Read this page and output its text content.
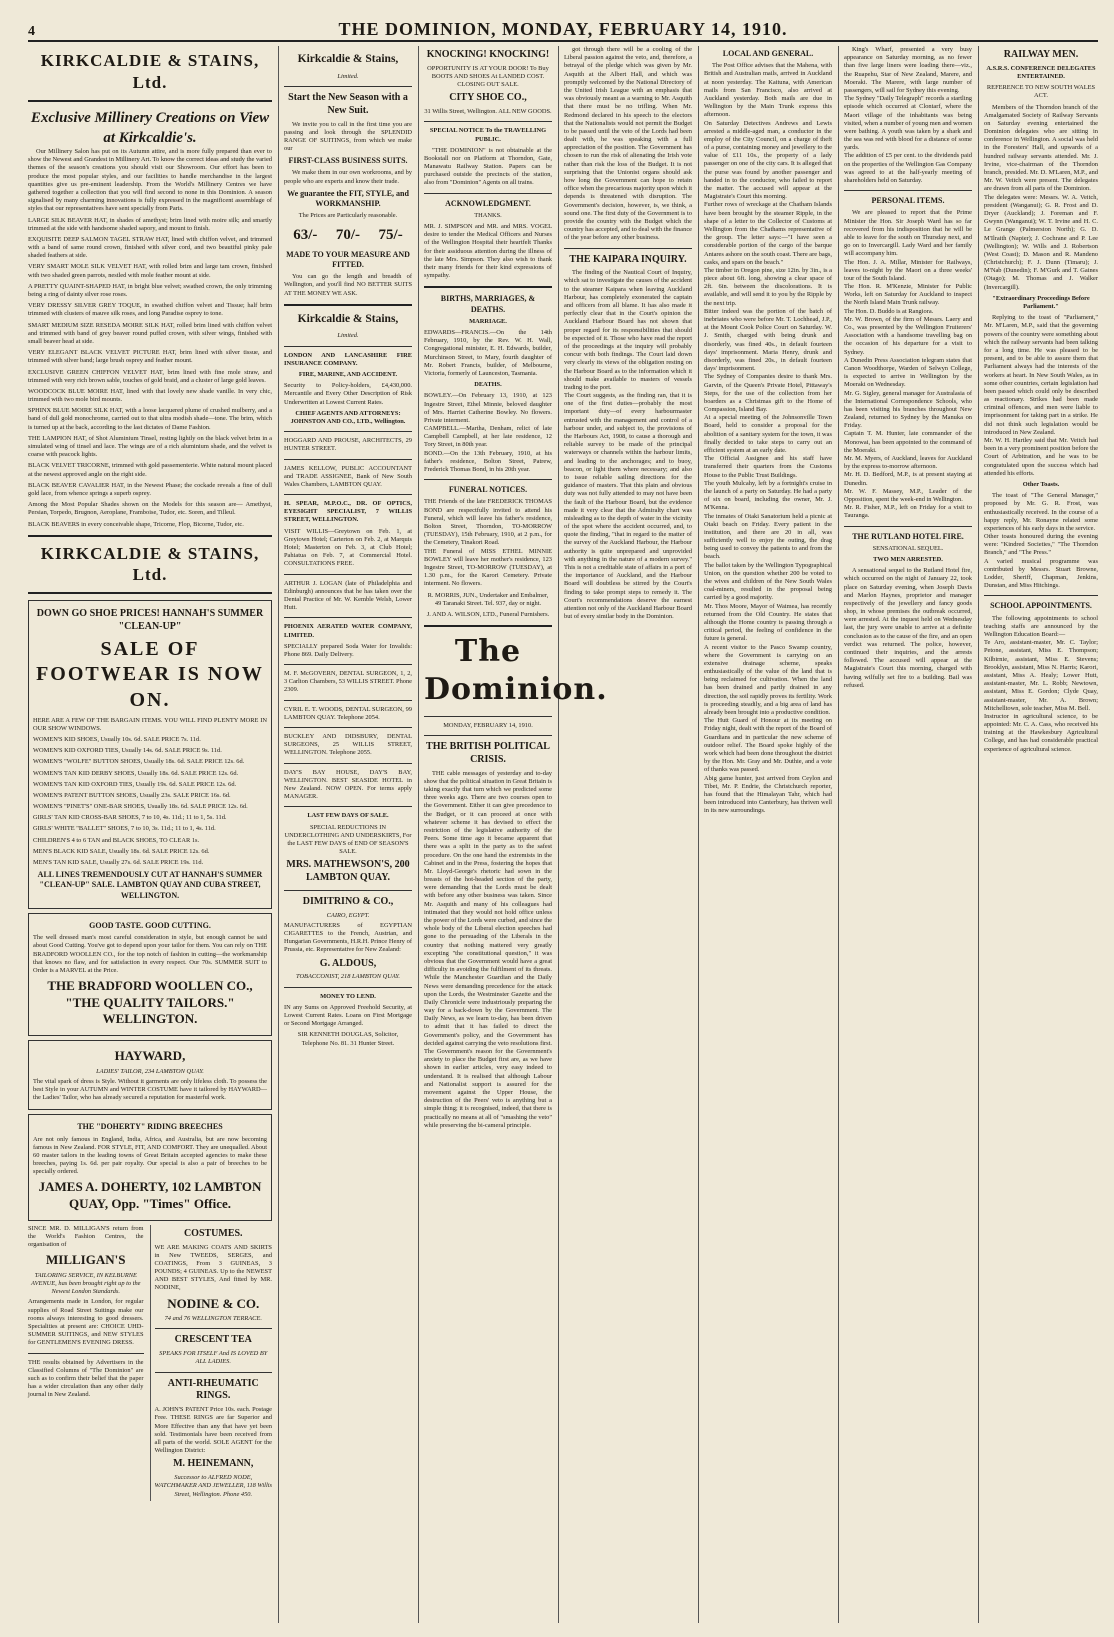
4	THE DOMINION, MONDAY, FEBRUARY 14, 1910.
KIRKCALDIE & STAINS, Ltd.
Exclusive Millinery Creations on View at Kirkcaldie's.

Our Millinery Salon has put on its Autumn attire, and is more fully prepared than ever to show the Newest and Grandest in Millinery Art. To know the correct ideas and study the varied themes of the season's creations you should visit our Showroom. Our effort has been to produce the most popular styles, and our facilities to handle merchandise in the largest quantities give us pre-eminent leadership. From the World's Millinery Centres we have gathered together a collection that you will find second to none in this Dominion. A season signalised by many charming innovations is fully expressed in the magnificent assemblage of styles that our representatives have sent specially from Paris.

LARGE SILK BEAVER HAT, in shades of amethyst; brim lined with moire silk; and smartly trimmed at the side with handsome shaded sapory, and mount to finish.

EXQUISITE DEEP SALMON TAGEL STRAW HAT, lined with chiffon velvet, and trimmed with a band of same round crown, finished with silver cord, and two beautiful pinky pale shaded feathers at side.

VERY SMART MOLE SILK VELVET HAT, with rolled brim and large tam crown, finished with two shaded green parrots, nestled with mole feather mount at side.

A PRETTY QUAINT-SHAPED HAT, in bright blue velvet; swathed crown, the only trimming being a ring of dainty silver rose roses.

VERY DRESSY SILVER GREY TOQUE, in swathed chiffon velvet and Tissue; half brim trimmed with clusters of mauve silk roses, and long Paradise osprey to tone.

SMART MEDIUM SIZE RESEDA MOIRE SILK HAT, rolled brim lined with chiffon velvet and trimmed with band of grey beaver round puffed crown, with silver wings, finished with small beaver head at side.

VERY ELEGANT BLACK VELVET PICTURE HAT, brim lined with silver tissue, and trimmed with silver band; large brush osprey and feather mount.

EXCLUSIVE GREEN CHIFFON VELVET HAT, brim lined with fine mole straw, and trimmed with very rich brown sable, touches of gold braid, and a cluster of large gold leaves.

WOODCOCK BLUE MOIRE HAT, lined with that lovely new shade vanille. In very chic, trimmed with two mole bird mounts.

SPHINX BLUE MOIRE SILK HAT, with a loose lacquered plume of crushed mulberry, and a band of dull gold monochrome, carried out to that ultra modish shade—tone. The brim, which is turned up at the back, according to the last dictates of Dame Fashion.

THE LAMPION HAT, of Shot Aluminium Tinsel, resting lightly on the black velvet brim in a simulated wing of tinsel and lace. The wings are of a rich aluminium shade, and the velvet is coarse with peacock lights.

BLACK VELVET TRICORNE, trimmed with gold passementerie. White natural mount placed at the newest approved angle on the right side.

BLACK BEAVER CAVALIER HAT, in the Newest Phase; the cockade reveals a fine of dull gold lace, from whence springs a superb osprey.

Among the Most Popular Shades shown on the Models for this season are— Amethyst, Persian, Torpedo, Brugnon, Aeroplane, Framboise, Tudor, etc. Soren, and Tilleul.

BLACK BEAVERS in every conceivable shape, Tricorne, Flop, Bicorne, Tudor, etc.

KIRKCALDIE & STAINS, Ltd.
DOWN GO SHOE PRICES! HANNAH'S SUMMER "CLEAN-UP"
SALE OF FOOTWEAR IS NOW ON.

HERE ARE A FEW OF THE BARGAIN ITEMS. YOU WILL FIND PLENTY MORE IN OUR SHOW WINDOWS.

WOMEN'S KID SHOES, Usually 10s. 6d. SALE PRICE 7s. 11d.

WOMEN'S KID OXFORD TIES, Usually 14s. 6d. SALE PRICE 9s. 11d.

WOMEN'S "WOLFE" BUTTON SHOES, Usually 18s. 6d. SALE PRICE 12s. 6d.

WOMEN'S TAN KID DERBY SHOES, Usually 18s. 6d. SALE PRICE 12s. 6d.

WOMEN'S TAN KID OXFORD TIES, Usually 19s. 6d. SALE PRICE 12s. 6d.

WOMEN'S PATENT BUTTON SHOES, Usually 23s. SALE PRICE 16s. 6d.

WOMEN'S "PINET'S" ONE-BAR SHOES, Usually 18s. 6d. SALE PRICE 12s. 6d.

GIRLS' TAN KID CROSS-BAR SHOES, 7 to 10, 4s. 11d.; 11 to 1, 5s. 11d.

GIRLS' WHITE "BALLET" SHOES, 7 to 10, 3s. 11d.; 11 to 1, 4s. 11d.

CHILDREN'S 4 to 6 TAN and BLACK SHOES, TO CLEAR 1s.

MEN'S BLACK KID SALE, Usually 18s. 6d. SALE PRICE 12s. 6d.

MEN'S TAN KID SALE, Usually 27s. 6d. SALE PRICE 19s. 11d.

ALL LINES TREMENDOUSLY CUT AT HANNAH'S SUMMER "CLEAN-UP" SALE. LAMBTON QUAY AND CUBA STREET, WELLINGTON.
GOOD TASTE. GOOD CUTTING.

The well dressed man's most careful consideration in style, but enough cannot be said about Good Cutting. You've got to depend upon your tailor for them. You can rely on THE BRADFORD WOOLLEN CO., for the top notch of fashion in cutting—the workmanship that knows no flaw, and for satisfaction in every respect. Our 70s. SUMMER SUIT to Order is a MARVEL at the Price.

THE BRADFORD WOOLLEN CO., "THE QUALITY TAILORS." WELLINGTON.
HAYWARD,
LADIES' TAILOR, 234 LAMBTON QUAY.

The vital spark of dress is Style. Without it garments are only lifeless cloth. To possess the best Style in your AUTUMN and WINTER COSTUME have it tailored by HAYWARD—the Ladies' Tailor, who has already secured a reputation for masterful work.

THE "DOHERTY" RIDING BREECHES

Are not only famous in England, India, Africa, and Australia, but are now becoming famous in New Zealand. FOR STYLE, FIT, AND COMFORT. They are unequalled. About 60 master tailors in the leading towns of Great Britain accepted agencies to make these breeches, paying 1s. 6d. per pair royalty. Our special is also a pair of breeches to be specially ordered.

JAMES A. DOHERTY, 102 LAMBTON QUAY, Opp. "Times" Office.

SINCE MR. D. MILLIGAN'S return from the World's Fashion Centres, the organisation of

MILLIGAN'S
TAILORING SERVICE, IN KELBURNE AVENUE, has been brought right up to the Newest London Standards.

Arrangements made in London, for regular supplies of Road Street Suitings make our rooms always interesting to good dressers. Specialities at present are: CHOICE UHD-SUMMER SUITINGS, and NEW STYLES for GENTLEMEN'S EVENING DRESS.

THE results obtained by Advertisers in the Classified Columns of "The Dominion" are such as to confirm their belief that the paper has a wider circulation than any other daily journal in New Zealand.

COSTUMES.

WE ARE MAKING COATS AND SKIRTS in New TWEEDS, SERGES, and COATINGS, From 3 GUINEAS, 3 POUNDS; 4 GUINEAS. Up to the NEWEST AND BEST STYLES, And fitted by MR. NODINE,

NODINE & CO.
74 and 76 WELLINGTON TERRACE.
CRESCENT TEA
SPEAKS FOR ITSELF And IS LOVED BY ALL LADIES.
ANTI-RHEUMATIC RINGS.

A. JOHN'S PATENT Price 10s. each. Postage Free. THESE RINGS are far Superior and More Effective than any that have yet been sold. Testimonials have been received from all parts of the world. SOLE AGENT for the Wellington District:

M. HEINEMANN,
Successor to ALFRED NODE, WATCHMAKER AND JEWELLER, 118 Willis Street, Wellington. Phone 450.
Kirkcaldie & Stains,
Limited.
Start the New Season with a New Suit.

We invite you to call in the first time you are passing and look through the SPLENDID RANGE OF SUITINGS, from which we make our

FIRST-CLASS BUSINESS SUITS.

We make them in our own workrooms, and by people who are experts and know their trade.

We guarantee the FIT, STYLE, and WORKMANSHIP.

The Prices are Particularly reasonable.

63/- 70/- 75/-
MADE TO YOUR MEASURE AND FITTED.

You can go the length and breadth of Wellington, and you'll find NO BETTER SUITS AT THE MONEY WE ASK.

Kirkcaldie & Stains,
Limited.

LONDON AND LANCASHIRE FIRE INSURANCE COMPANY.

FIRE, MARINE, AND ACCIDENT.

Security to Policy-holders, £4,430,000. Mercantile and Every Other Description of Risk Underwritten at Lowest Current Rates.

CHIEF AGENTS AND ATTORNEYS: JOHNSTON AND CO., LTD., Wellington.

HOGGARD AND PROUSE, ARCHITECTS, 29 HUNTER STREET.

JAMES KELLOW, PUBLIC ACCOUNTANT and TRADE ASSIGNEE, Bank of New South Wales Chambers, LAMBTON QUAY.

H. SPEAR, M.P.O.C., DR. OF OPTICS, EYESIGHT SPECIALIST, 7 WILLIS STREET, WELLINGTON.

VISIT WILLIS—Greytown on Feb. 1, at Greytown Hotel; Carterton on Feb. 2, at Marquis Hotel; Masterton on Feb. 3, at Club Hotel; Pahiatua on Feb. 7, at Commercial Hotel. CONSULTATIONS FREE.

ARTHUR J. LOGAN (late of Philadelphia and Edinburgh) announces that he has taken over the Dental Practice of Mr. W. Kemble Welsh, Lower Hutt.

PHOENIX AERATED WATER COMPANY, LIMITED.

SPECIALLY prepared Soda Water for Invalids: Phone 869. Daily Delivery.

M. F. McGOVERN, DENTAL SURGEON, 1, 2, 3 Carlton Chambers, 53 WILLIS STREET. Phone 2309.

CYRIL E. T. WOODS, DENTAL SURGEON, 99 LAMBTON QUAY. Telephone 2054.

BUCKLEY AND DIDSBURY, DENTAL SURGEONS, 25 WILLIS STREET, WELLINGTON. Telephone 2055.

DAY'S BAY HOUSE, DAY'S BAY, WELLINGTON. BEST SEASIDE HOTEL in New Zealand. NOW OPEN. For terms apply MANAGER.

LAST FEW DAYS OF SALE.

SPECIAL REDUCTIONS IN UNDERCLOTHING AND UNDERSKIRTS, For the LAST FEW DAYS of END OF SEASON'S SALE.

MRS. MATHEWSON'S, 200 LAMBTON QUAY.
DIMITRINO & CO.,
CAIRO, EGYPT.

MANUFACTURERS of EGYPTIAN CIGARETTES to the French, Austrian, and Hungarian Governments, H.R.H. Prince Henry of Prussia, etc. Representative for New Zealand:

G. ALDOUS,
TOBACCONIST, 218 LAMBTON QUAY.

MONEY TO LEND.

IN any Sums on Approved Freehold Security, at Lowest Current Rates. Loans on First Mortgage or Second Mortgage Arranged.

SIR KENNETH DOUGLAS, Solicitor, Telephone No. 81. 31 Hunter Street.

KNOCKING! KNOCKING!

OPPORTUNITY IS AT YOUR DOOR! To Buy BOOTS AND SHOES At LANDED COST. CLOSING OUT SALE.

CITY SHOE CO.,

31 Willis Street, Wellington. ALL NEW GOODS.

SPECIAL NOTICE To the TRAVELLING PUBLIC.

"THE DOMINION" is not obtainable at the Bookstall nor on Platform at Thorndon, Gate, Manawatu Railway Station. Papers can be purchased outside the precincts of the station, also from "Dominion" Agents on all trains.

ACKNOWLEDGMENT.

THANKS.

MR. J. SIMPSON and MR. and MRS. VOGEL desire to tender the Medical Officers and Nurses of the Wellington Hospital their heartfelt Thanks for their assiduous attention during the illness of the late Mrs. Simpson. They also wish to thank their many friends for their kind expressions of sympathy.

BIRTHS, MARRIAGES, & DEATHS.

MARRIAGE.

EDWARDS—FRANCIS.—On the 14th February, 1910, by the Rev. W. H. Wall, Congregational minister, E. H. Edwards, builder, Murchinson Street, to Mary, fourth daughter of Mr. Robert Francis, builder, of Melbourne, Victoria, formerly of Launceston, Tasmania.

DEATHS.

BOWLEY.—On February 13, 1910, at 123 Ingestre Street, Ethel Minnie, beloved daughter of Mrs. Harriet Catherine Bowley. No flowers. Private interment.
CAMPBELL.—Martha, Denham, relict of late Campbell Campbell, at her late residence, 12 Tory Street, in 80th year.
BOND.—On the 13th February, 1910, at his father's residence, Bolton Street, Patrew, Frederick Thomas Bond, in his 20th year.

FUNERAL NOTICES.

THE Friends of the late FREDERICK THOMAS BOND are respectfully invited to attend his Funeral, which will leave his father's residence, Bolton Street, Thorndon, TO-MORROW (TUESDAY), 15th February, 1910, at 2 p.m., for the Cemetery, Tinakori Road.
THE Funeral of MISS ETHEL MINNIE BOWLEY will leave her mother's residence, 123 Ingestre Street, TO-MORROW (TUESDAY), at 1.30 p.m., for the Karori Cemetery. Private interment. No flowers.

R. MORRIS, JUN., Undertaker and Embalmer, 49 Taranaki Street. Tel. 937, day or night.

J. AND A. WILSON, LTD., Funeral Furnishers.

The Dominion.

MONDAY, FEBRUARY 14, 1910.

THE BRITISH POLITICAL CRISIS.

THE cable messages of yesterday and to-day show that the political situation in Great Britain is taking exactly that turn which we predicted some three weeks ago. There are two courses open to the Government. Either it can give precedence to the Budget, or it can proceed at once with whatever scheme it has devised to effect the restriction of the legislative authority of the Peers. Some time ago it became apparent that there was a split in the party as to the safest procedure. On the one hand the extremists in the Cabinet and in the Press, fostering the hopes that Mr. Lloyd-George's rhetoric had sown in the breasts of the hot-headed section of the party, were demanding that the Lords must be dealt with before any other business was taken. Since Mr. Asquith and many of his colleagues had intimated that they would not hold office unless the power of the Lords were curbed, and since the whole body of the Liberal election speeches had gone to the persuading of the Liberals in the country that nothing mattered very greatly excepting "the constitutional question," it was obvious that the Government would have a great difficulty in avoiding the fulfilment of its threats. While the Manchester Guardian and the Daily News were demanding precedence for the attack upon the Lords, the Westminster Gazette and the Daily Chronicle were industriously preparing the way for a back-down by the Government. The Daily News, as we learn to-day, has been driven to admit that it has failed to direct the Government's policy, and the Government has decided against carrying the veto resolutions first. The Government's reason for the Government's anxiety to place the Budget first are, as we have shown in earlier articles, very easy indeed to understand. It is realised that although Labour and Nationalist support is assured for the movement against the Upper House, the destruction of the Peers' veto is anything but a simple thing; it is recognised, indeed, that there is practically no means at all of "smashing the veto" while preserving the bi-cameral principle.

got through there will be a cooling of the Liberal passion against the veto, and, therefore, a betrayal of the pledge which was given by Mr. Asquith at the Albert Hall, and which was promptly welcomed by the National Directory of the United Irish League with an emphasis that was obviously meant as a warning to Mr. Asquith that there must be no trifling. When Mr. Redmond declared in his speech to the electors that the Nationalists would not permit the Budget to be passed until the veto of the Lords had been dealt with, he was speaking with a full appreciation of the position. The Government has chosen to run the risk of alienating the Irish vote rather than risk the loss of the Budget. It is not surprising that the Unionist organs should ask how long the Government can hope to retain office when the precarious majority upon which it depends is threatened with disruption. The Government's decision, however, is, we think, a sound one. The first duty of the Government is to provide the country with the Budget which the country has accepted, and to deal with the finance of the year before any other business.

THE KAIPARA INQUIRY.

The finding of the Nautical Court of Inquiry, which sat to investigate the causes of the accident to the steamer Kaipara when leaving Auckland Harbour, has completely exonerated the captain and officers from all blame. It has also made it perfectly clear that in the Court's opinion the Auckland Harbour Board has not shown that proper regard for its responsibilities that should be expected of it. Those who have read the report of the proceedings at the inquiry will probably concur with both findings. The Court laid down very clearly its views of the obligation resting on the Harbour Board as to the information which it should make available to masters of vessels trading to the port.
The Court suggests, as the finding ran, that it is one of the first duties—probably the most important duty—of every harbourmaster entrusted with the management and control of a harbour under, and subject to, the provisions of the Harbours Act, 1908, to cause a thorough and reliable survey to be made of the principal waterways or channels within the harbour limits, and leading to the anchorages; and to buoy, beacon, or light them where necessary; and also to issue reliable sailing directions for the guidance of masters. That this plain and obvious duty was not fully attended to may not have been the fault of the Harbour Board, but the evidence made it very clear that the Admiralty chart was misleading as to the depth of water in the vicinity of the spot where the accident occurred, and, to quote the finding, "that in regard to the matter of the survey of the Auckland Harbour, the Harbour authority is quite unprepared and unprovided with anything in the nature of a modern survey." This is not a creditable state of affairs in a port of the importance of Auckland, and the Harbour Board will doubtless be stirred by the Court's finding to take prompt steps to remedy it. The Court's recommendations deserve the earnest attention not only of the Auckland Harbour Board but of every similar body in the Dominion.

LOCAL AND GENERAL.

The Post Office advises that the Mahena, with British and Australian mails, arrived in Auckland at noon yesterday. The Kaituna, with American mails from San Francisco, also arrived at Auckland yesterday. Both mails are due in Wellington by the Main Trunk express this afternoon.
On Saturday Detectives Andrews and Lewis arrested a middle-aged man, a conductor in the employ of the City Council, on a charge of theft of a purse, containing money and jewellery to the value of £11 10s., the property of a lady passenger on one of the city cars. It is alleged that the purse was found by another passenger and handed in to the conductor, who failed to report the matter. The accused will appear at the Magistrate's Court this morning.
Further rows of wreckage at the Chatham Islands have been brought by the steamer Ripple, in the shape of a letter to the Collector of Customs at Wellington from the Chathams representative of the group. The letter says:—"I have seen a considerable portion of the cargo of the barque Antares ashore on the south coast. There are bags, casks, and spars on the beach."
The timber in Oregon pine, size 12in. by 3in., is a piece about 6ft. long, showing a clear space of 2ft. 6in. between the discolorations. It is available, and will send it to you by the Ripple by the next trip.
Bitter indeed was the portion of the batch of inebriates who were before Mr. T. Lochhead, J.P., at the Mount Cook Police Court on Saturday. W. J. Smith, charged with being drunk and disorderly, was fined 40s., in default fourteen days' imprisonment. Maria Henry, drunk and disorderly, was fined 20s., in default fourteen days' imprisonment.
The Sydney of Companies desire to thank Mrs. Garvin, of the Queen's Private Hotel, Pittaway's Steps, for the use of the collection from her boarders as a Christmas gift to the Home of Compassion, Island Bay.
At a special meeting of the Johnsonville Town Board, held to consider a proposal for the abolition of a sanitary system for the town, it was finally decided to take steps to carry out an efficient system at an early date.
The Official Assignee and his staff have transferred their quarters from the Customs House to the Public Trust Buildings.
The youth Mulcahy, left by a fortnight's cruise in the launch of a party on Saturday. He had a party of six on board, including the owner, Mr. J. M'Kenna.
The inmates of Otaki Sanatorium held a picnic at Otaki beach on Friday. Every patient in the institution, and there are 20 in all, was sufficiently well to enjoy the outing, the drag being used to convey the patients to and from the beach.
The ballot taken by the Wellington Typographical Union, on the question whether 200 be voted to the wives and children of the New South Wales coal-miners, resulted in the proposal being carried by a good majority.
Mr. Thos Moore, Mayor of Waimea, has recently returned from the Old Country. He states that although the Home country is passing through a critical period, the feeling of confidence in the future is general.
A recent visitor to the Pasco Swamp country, where the Government is carrying on an extensive drainage scheme, speaks enthusiastically of the value of the land that is being reclaimed for cultivation. When the land has been drained and partly drained in any direction, the soil rapidly proves its fertility. Work is proceeding steadily, and a big area of land has already been brought into a productive condition.
The Hutt Guard of Honour at its meeting on Friday night, dealt with the report of the Board of Guardians and in particular the new scheme of outdoor relief. The Board spoke highly of the work which had been done throughout the district by the Hon. Mr. Gray and Mr. Duthie, and a vote of thanks was passed.
Abig game hunter, just arrived from Ceylon and Tibet, Mr. P. Endrie, the Christchurch reporter, has found that the Himalayan Tahr, which had been introduced into Canterbury, has thriven well in its new surroundings.

King's Wharf, presented a very busy appearance on Saturday morning, as no fewer than five large liners were loading there—viz., the Ruapehu, Star of New Zealand, Marere, and Moeraki. The Marere, with large number of passengers, will sail for Sydney this evening.
The Sydney "Daily Telegraph" records a startling episode which occurred at Clontarf, where the Maori village of the inhabitants was being visited, when a number of young men and women were bathing. A youth was taken by a shark and the sea was red with blood for a distance of some yards.
The addition of £5 per cent. to the dividends paid on the properties of the Wellington Gas Company was agreed to at the half-yearly meeting of shareholders held on Saturday.

PERSONAL ITEMS.

We are pleased to report that the Prime Minister the Hon. Sir Joseph Ward has so far recovered from his indisposition that he will be able to leave for the south on Thursday next, and go on to Invercargill. Lady Ward and her family will accompany him.
The Hon. J. A. Millar, Minister for Railways, leaves to-night by the Maori on a three weeks' tour of the South Island.
The Hon. R. M'Kenzie, Minister for Public Works, left on Saturday for Auckland to inspect the North Island Main Trunk railway.
The Hon. D. Buddo is at Rangiora.
Mr. W. Brown, of the firm of Messrs. Laery and Co., was presented by the Wellington Fruiterers' Association with a handsome travelling bag on the occasion of his departure for a visit to Sydney.
A Dunedin Press Association telegram states that Canon Woodthorpe, Warden of Selwyn College, is expected to arrive in Wellington by the Moeraki on Wednesday.
Mr. G. Sigley, general manager for Australasia of the International Correspondence Schools, who has been visiting his branches throughout New Zealand, returned to Sydney by the Manuka on Friday.
Captain T. M. Hunter, late commander of the Monowai, has been appointed to the command of the Moeraki.
Mr. M. Myers, of Auckland, leaves for Auckland by the express to-morrow afternoon.
Mr. H. D. Bedford, M.P., is at present staying at Dunedin.
Mr. W. F. Massey, M.P., Leader of the Opposition, spent the week-end in Wellington.
Mr. R. Fisher, M.P., left on Friday for a visit to Tauranga.

THE RUTLAND HOTEL FIRE.

SENSATIONAL SEQUEL.

TWO MEN ARRESTED.

A sensational sequel to the Rutland Hotel fire, which occurred on the night of January 22, took place on Saturday evening, when Joseph Davis and Marlon Haynes, proprietor and manager respectively of the jewellery and fancy goods shop, in whose premises the outbreak occurred, were arrested. At the inquest held on Wednesday last, the jury were unable to arrive at a definite conclusion as to the cause of the fire, and an open verdict was returned. The police, however, continued their inquiries, and the arrests followed. The accused will appear at the Magistrate's Court this morning, charged with having wilfully set fire to a building. Bail was refused.

RAILWAY MEN.

A.S.R.S. CONFERENCE DELEGATES ENTERTAINED.

REFERENCE TO NEW SOUTH WALES ACT.

Members of the Thorndon branch of the Amalgamated Society of Railway Servants on Saturday evening entertained the Dominion delegates who are sitting in conference in Wellington. A social was held in the Foresters' Hall, and upwards of a hundred railway servants attended. Mr. J. Irvine, vice-chairman of the Thorndon branch, presided. Mr. D. M'Laren, M.P., and Mr. W. Veitch were present. The delegates are drawn from all parts of the Dominion.
The delegates were: Messrs. W. A. Veitch, president (Wanganui); G. R. Frost and D. Dryer (Auckland); J. Foreman and F. Gwynn (Wanganui); W. T. Irvine and H. C. Le Grange (Palmerston North); G. D. M'Ilraith (Napier); J. Cochrane and P. Lee (Wellington); W. Wills and J. Robertson (West Coast); D. Mason and R. Mandeno (Christchurch); F. J. Dunn (Timaru); J. M'Nab (Dunedin); F. M'Gurk and T. Gaines (Otago); M. Thomas and J. Walker (Invercargill).

"Extraordinary Proceedings Before Parliament."

Replying to the toast of "Parliament," Mr. M'Laren, M.P., said that the governing powers of the country were something about which the railway servants had been talking for a long time. He was pleased to be present, and to be able to assure them that Parliament always had the interests of the workers at heart. In New South Wales, as in some other countries, certain legislation had been passed which could only be described as reactionary. Strikes had been made criminal offences, and men were liable to imprisonment for taking part in a strike. He did not think such legislation would be introduced in New Zealand.
Mr. W. H. Hartley said that Mr. Veitch had been in a very prominent position before the Court of Arbitration, and he was to be congratulated upon the success which had attended his efforts.

Other Toasts.

The toast of "The General Manager," proposed by Mr. G. R. Frost, was enthusiastically received. In the course of a happy reply, Mr. Ronayne related some experiences of his early days in the service.
Other toasts honoured during the evening were: "Kindred Societies," "The Thorndon Branch," and "The Press."
A varied musical programme was contributed by Messrs. Stuart Browne, Lodder, Sheriff, Chapman, Jenkins, Dunstan, and Miss Hitchings.

SCHOOL APPOINTMENTS.

The following appointments to school teaching staffs are announced by the Wellington Education Board:—
Te Aro, assistant-master, Mr. C. Taylor; Petone, assistant, Miss E. Thompson; Kilbirnie, assistant, Miss E. Stevens; Brooklyn, assistant, Miss N. Harris; Karori, assistant, Miss A. Healy; Lower Hutt, assistant-master, Mr. L. Robb; Newtown, assistant, Miss E. Gordon; Clyde Quay, assistant-master, Mr. A. Brown; Mitchelltown, sole teacher, Miss M. Bell.
Instructor in agricultural science, to be appointed: Mr. C. A. Cass, who received his training at the Hawkesbury Agricultural College, and has had considerable practical experience of agricultural science.
